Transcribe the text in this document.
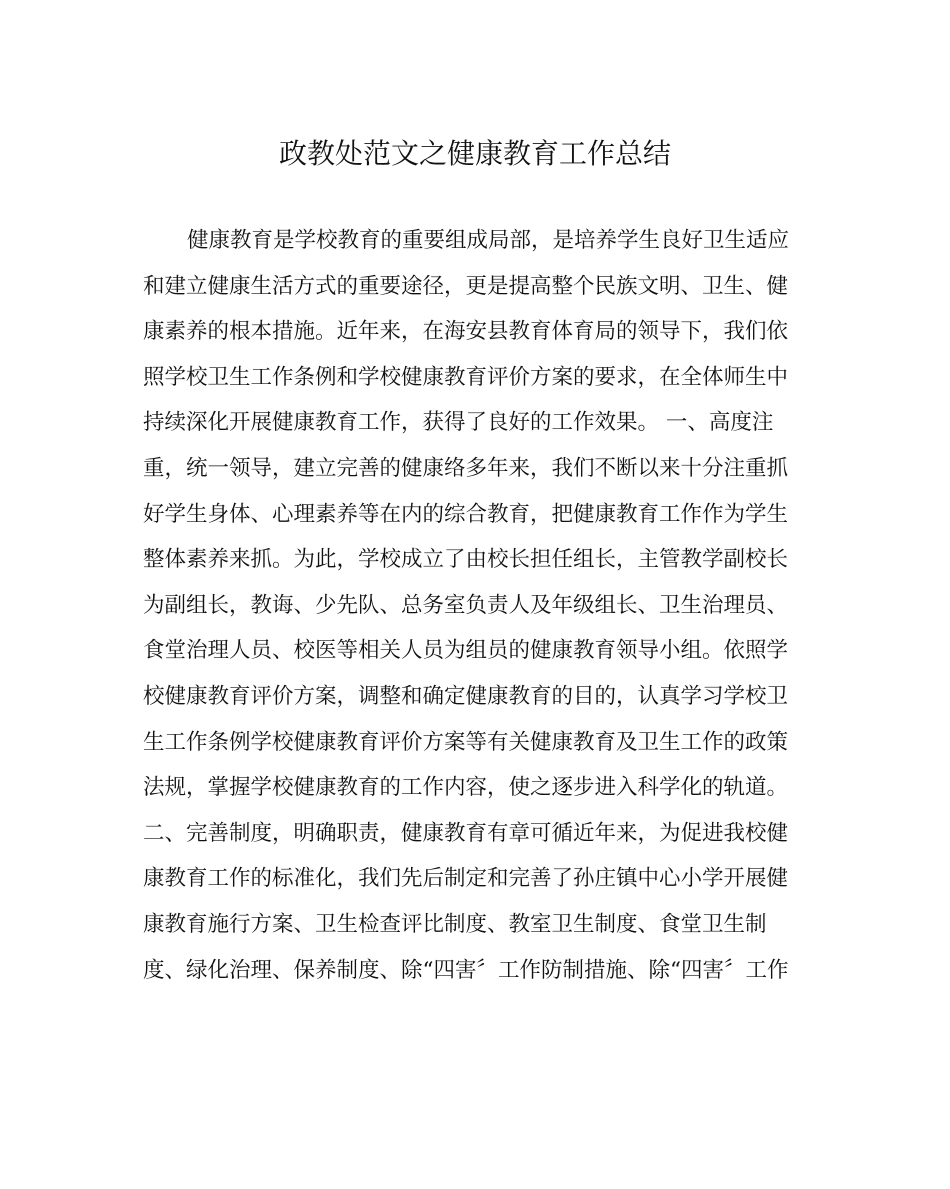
政教处范文之健康教育工作总结
健康教育是学校教育的重要组成局部，是培养学生良好卫生适应
和建立健康生活方式的重要途径，更是提高整个民族文明、卫生、健
康素养的根本措施。近年来，在海安县教育体育局的领导下，我们依
照学校卫生工作条例和学校健康教育评价方案的要求，在全体师生中
持续深化开展健康教育工作，获得了良好的工作效果。 一、高度注
重，统一领导，建立完善的健康络多年来，我们不断以来十分注重抓
好学生身体、心理素养等在内的综合教育，把健康教育工作作为学生
整体素养来抓。为此，学校成立了由校长担任组长，主管教学副校长
为副组长，教诲、少先队、总务室负责人及年级组长、卫生治理员、
食堂治理人员、校医等相关人员为组员的健康教育领导小组。依照学
校健康教育评价方案，调整和确定健康教育的目的，认真学习学校卫
生工作条例学校健康教育评价方案等有关健康教育及卫生工作的政策
法规，掌握学校健康教育的工作内容，使之逐步进入科学化的轨道。
二、完善制度，明确职责，健康教育有章可循近年来，为促进我校健
康教育工作的标准化，我们先后制定和完善了孙庄镇中心小学开展健
康教育施行方案、卫生检查评比制度、教室卫生制度、食堂卫生制
度、绿化治理、保养制度、除“四害〞工作防制措施、除“四害〞工作
